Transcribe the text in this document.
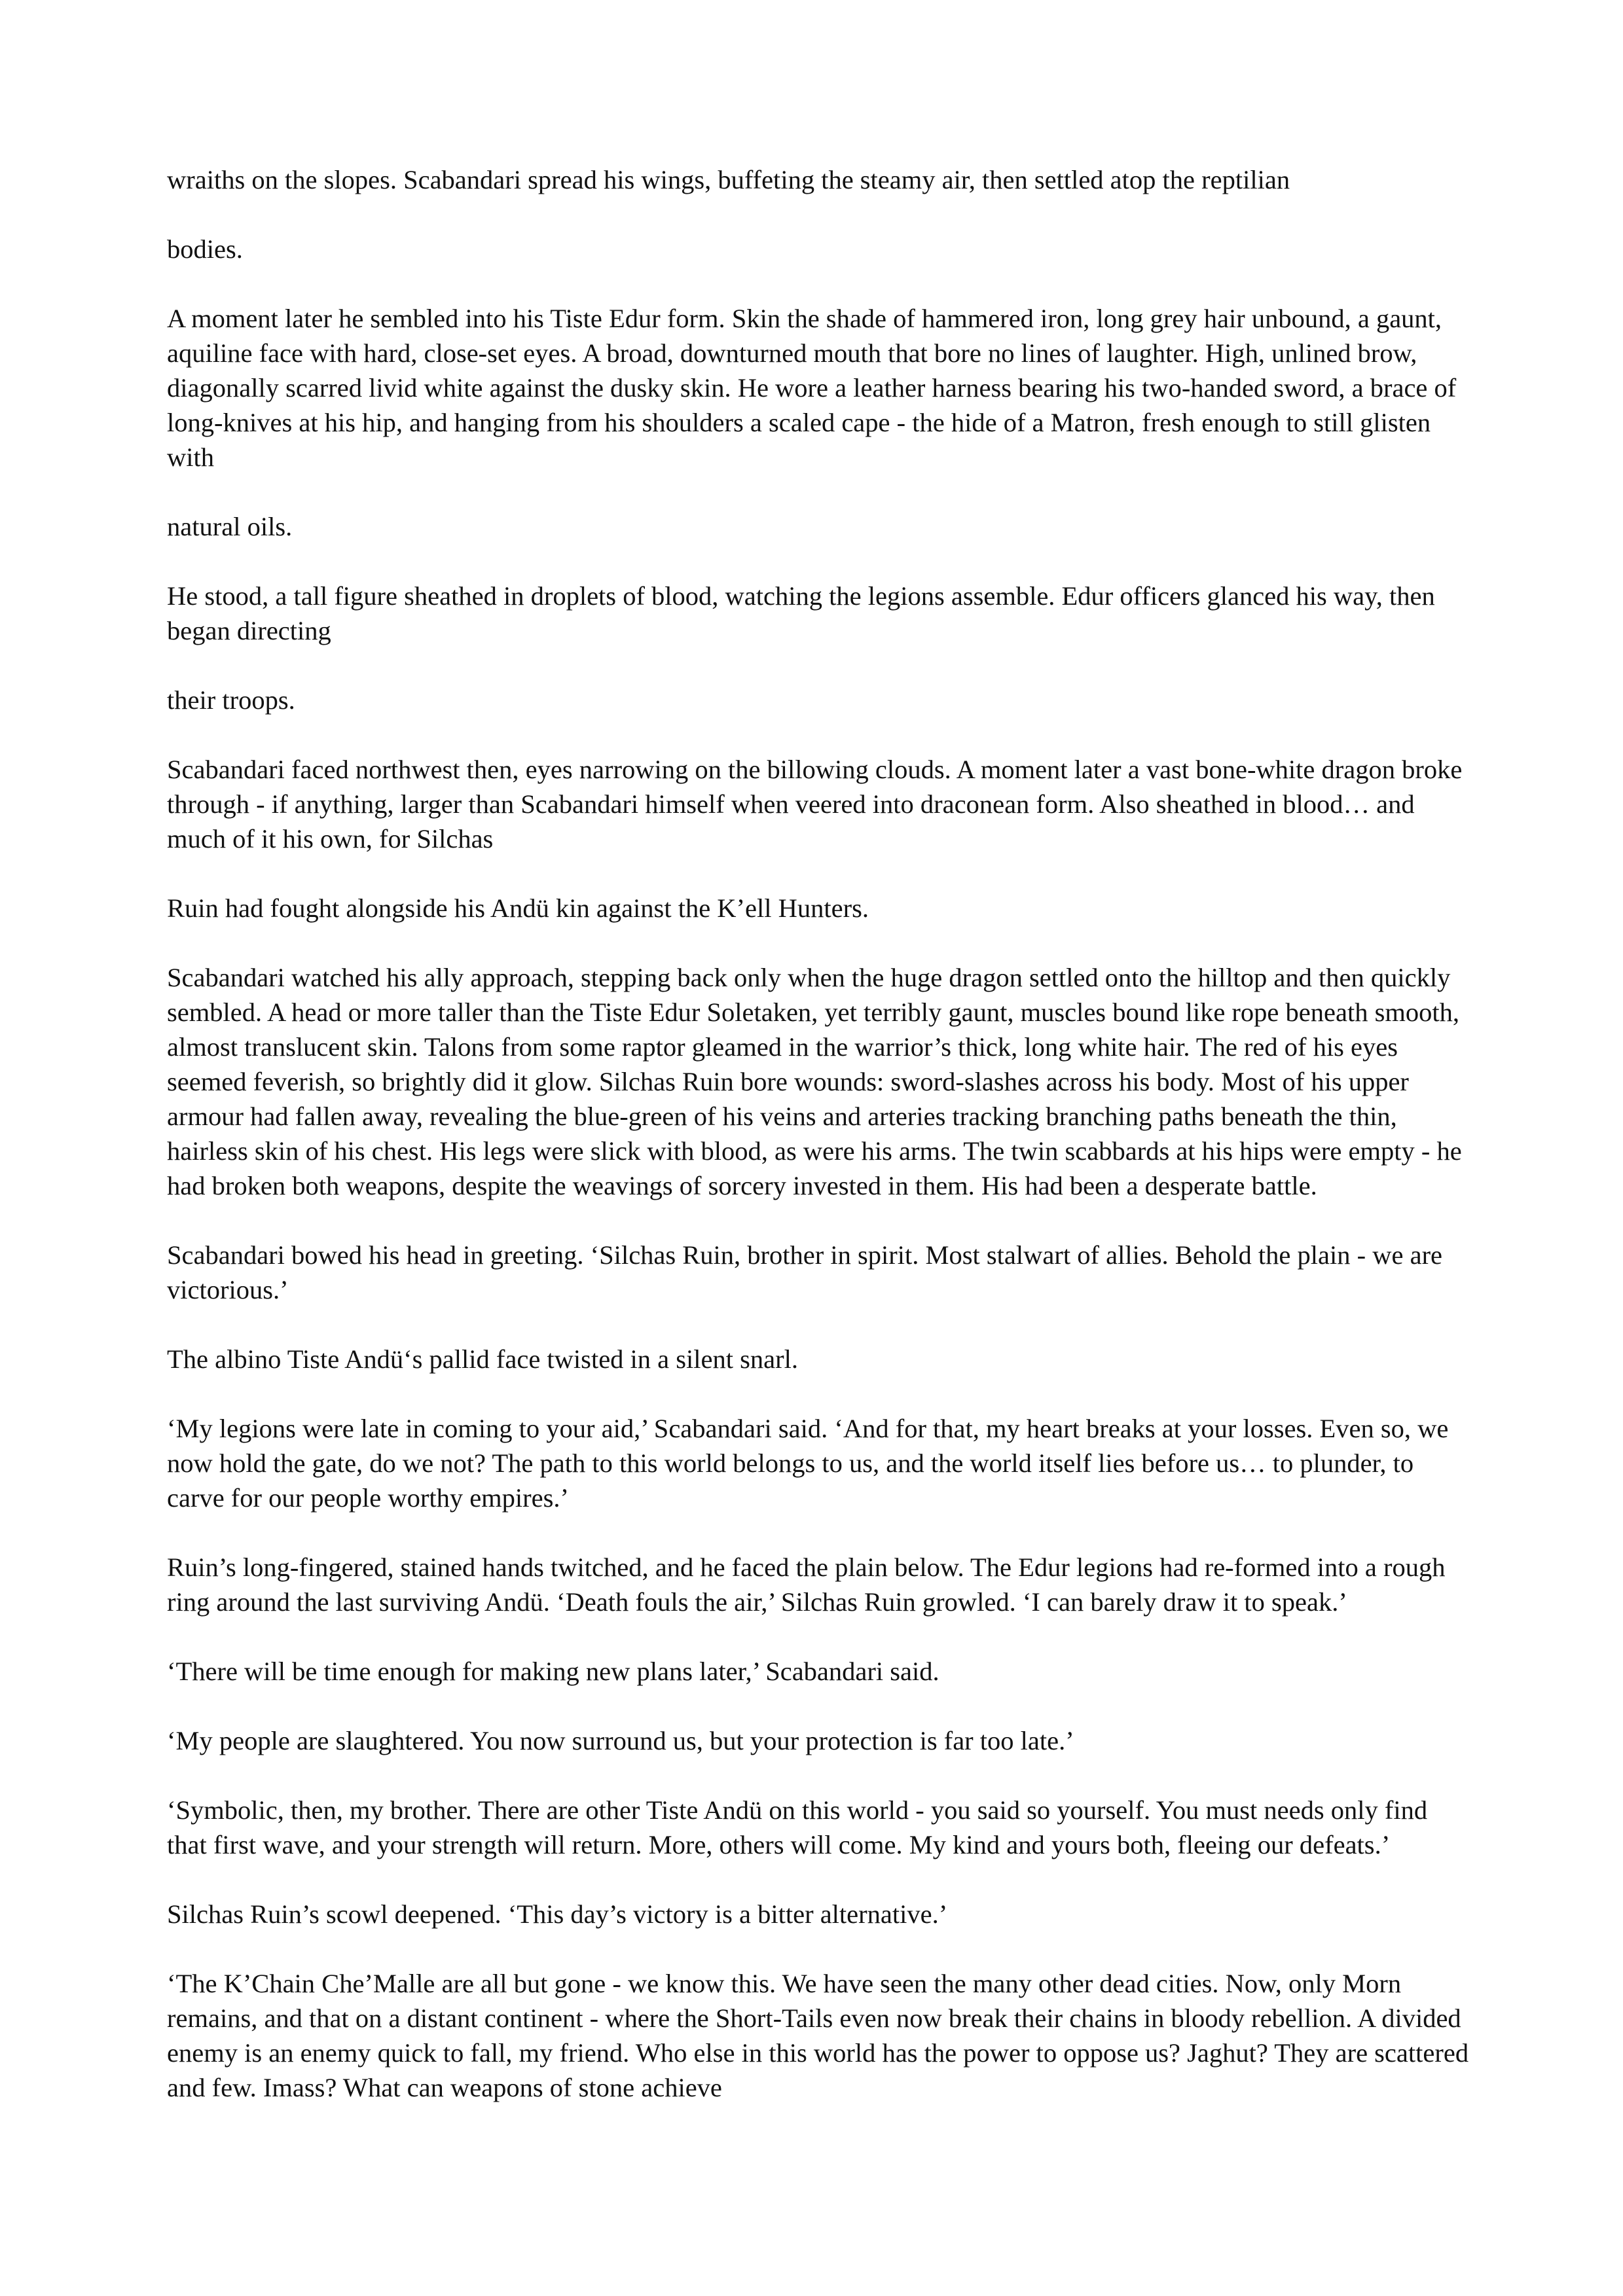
wraiths on the slopes. Scabandari spread his wings, buffeting the steamy air, then settled atop the reptilian

bodies.

A moment later he sembled into his Tiste Edur form. Skin the shade of hammered iron, long grey hair unbound, a gaunt, aquiline face with hard, close-set eyes. A broad, downturned mouth that bore no lines of laughter. High, unlined brow, diagonally scarred livid white against the dusky skin. He wore a leather harness bearing his two-handed sword, a brace of long-knives at his hip, and hanging from his shoulders a scaled cape - the hide of a Matron, fresh enough to still glisten with

natural oils.

He stood, a tall figure sheathed in droplets of blood, watching the legions assemble. Edur officers glanced his way, then began directing

their troops.

Scabandari faced northwest then, eyes narrowing on the billowing clouds. A moment later a vast bone-white dragon broke through - if anything, larger than Scabandari himself when veered into draconean form. Also sheathed in blood… and much of it his own, for Silchas

Ruin had fought alongside his Andü kin against the K’ell Hunters.

Scabandari watched his ally approach, stepping back only when the huge dragon settled onto the hilltop and then quickly sembled. A head or more taller than the Tiste Edur Soletaken, yet terribly gaunt, muscles bound like rope beneath smooth, almost translucent skin. Talons from some raptor gleamed in the warrior’s thick, long white hair. The red of his eyes seemed feverish, so brightly did it glow. Silchas Ruin bore wounds: sword-slashes across his body. Most of his upper armour had fallen away, revealing the blue-green of his veins and arteries tracking branching paths beneath the thin, hairless skin of his chest. His legs were slick with blood, as were his arms. The twin scabbards at his hips were empty - he had broken both weapons, despite the weavings of sorcery invested in them. His had been a desperate battle.

Scabandari bowed his head in greeting. ‘Silchas Ruin, brother in spirit. Most stalwart of allies. Behold the plain - we are victorious.’

The albino Tiste Andü‘s pallid face twisted in a silent snarl.

‘My legions were late in coming to your aid,’ Scabandari said. ‘And for that, my heart breaks at your losses. Even so, we now hold the gate, do we not? The path to this world belongs to us, and the world itself lies before us… to plunder, to carve for our people worthy empires.’

Ruin’s long-fingered, stained hands twitched, and he faced the plain below. The Edur legions had re-formed into a rough ring around the last surviving Andü. ‘Death fouls the air,’ Silchas Ruin growled. ‘I can barely draw it to speak.’

‘There will be time enough for making new plans later,’ Scabandari said.

‘My people are slaughtered. You now surround us, but your protection is far too late.’

‘Symbolic, then, my brother. There are other Tiste Andü on this world - you said so yourself. You must needs only find that first wave, and your strength will return. More, others will come. My kind and yours both, fleeing our defeats.’

Silchas Ruin’s scowl deepened. ‘This day’s victory is a bitter alternative.’

‘The K’Chain Che’Malle are all but gone - we know this. We have seen the many other dead cities. Now, only Morn remains, and that on a distant continent - where the Short-Tails even now break their chains in bloody rebellion. A divided enemy is an enemy quick to fall, my friend. Who else in this world has the power to oppose us? Jaghut? They are scattered and few. Imass? What can weapons of stone achieve
